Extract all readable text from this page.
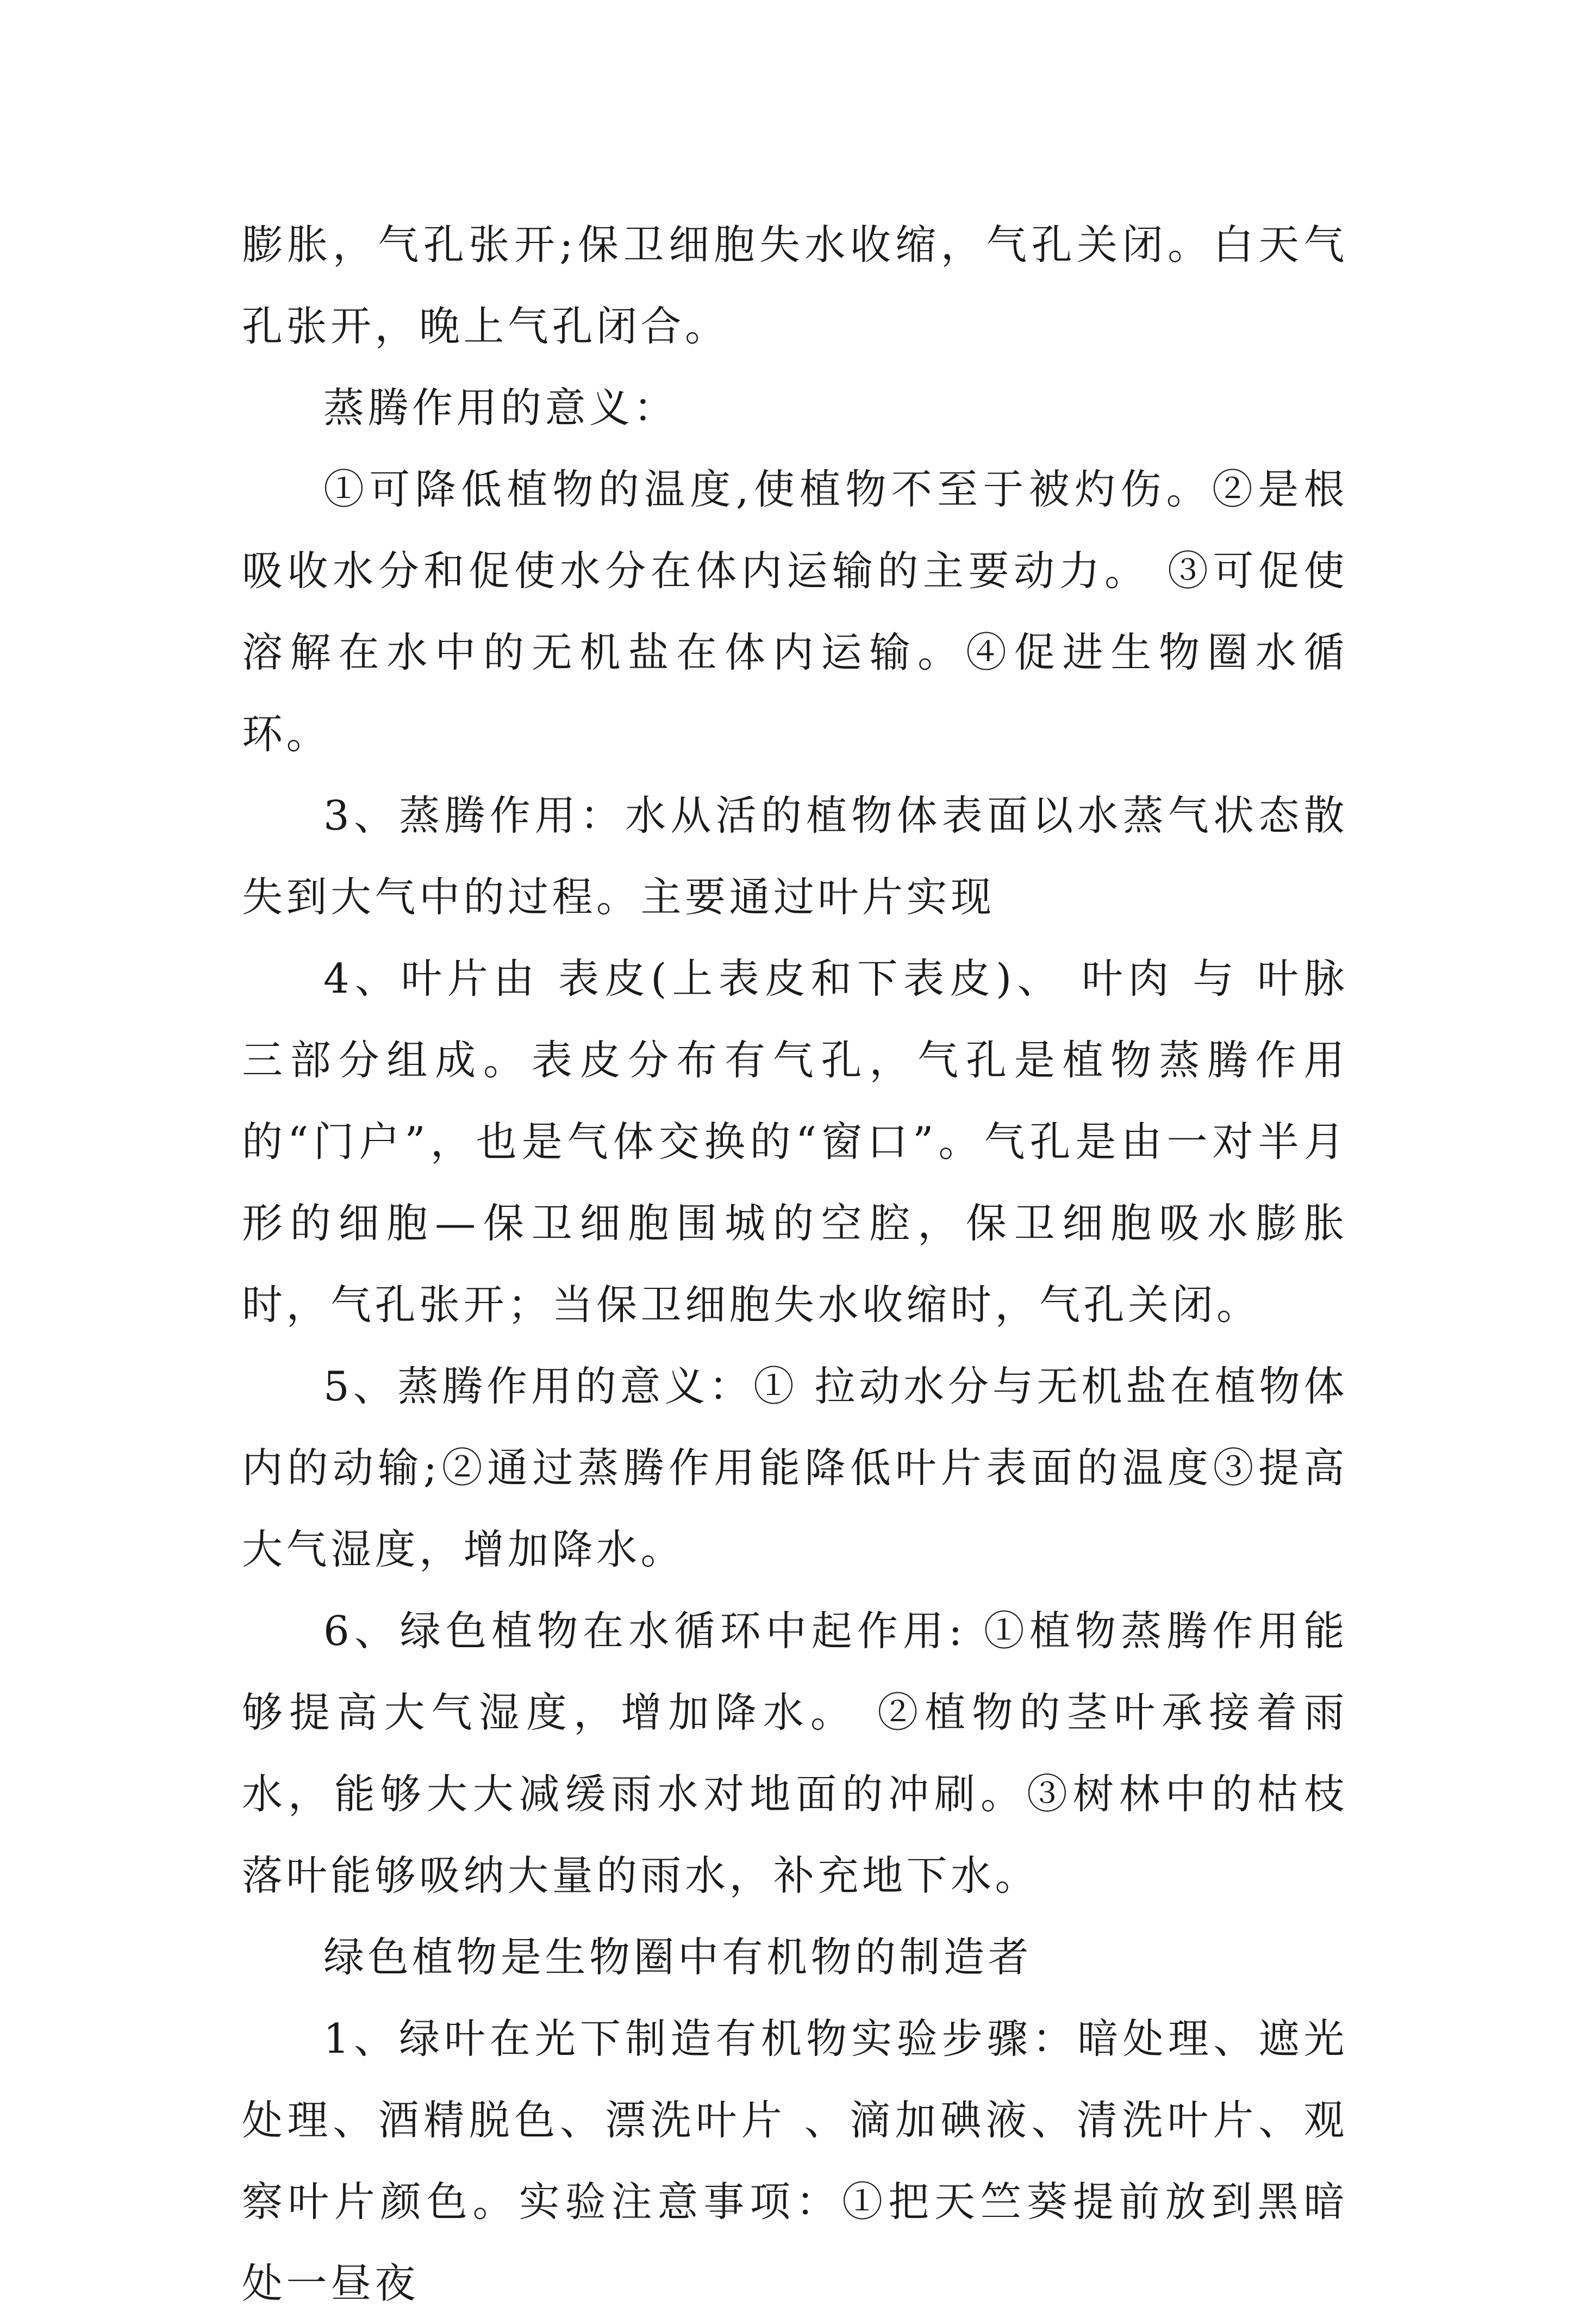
膨胀，气孔张开;保卫细胞失水收缩，气孔关闭。白天气孔张开，晚上气孔闭合。

蒸腾作用的意义：

①可降低植物的温度,使植物不至于被灼伤。②是根吸收水分和促使水分在体内运输的主要动力。 ③可促使溶解在水中的无机盐在体内运输。④促进生物圈水循环。

3、蒸腾作用：水从活的植物体表面以水蒸气状态散失到大气中的过程。主要通过叶片实现

4、叶片由 表皮(上表皮和下表皮)、 叶肉 与 叶脉 三部分组成。表皮分布有气孔，气孔是植物蒸腾作用的“门户”，也是气体交换的“窗口”。气孔是由一对半月形的细胞—保卫细胞围城的空腔，保卫细胞吸水膨胀时，气孔张开；当保卫细胞失水收缩时，气孔关闭。

5、蒸腾作用的意义：① 拉动水分与无机盐在植物体内的动输;②通过蒸腾作用能降低叶片表面的温度③提高大气湿度，增加降水。

6、绿色植物在水循环中起作用: ①植物蒸腾作用能够提高大气湿度，增加降水。 ②植物的茎叶承接着雨水，能够大大减缓雨水对地面的冲刷。③树林中的枯枝落叶能够吸纳大量的雨水，补充地下水。

绿色植物是生物圈中有机物的制造者

1、绿叶在光下制造有机物实验步骤：暗处理、遮光处理、酒精脱色、漂洗叶片 、滴加碘液、清洗叶片、观察叶片颜色。实验注意事项：①把天竺葵提前放到黑暗处一昼夜
